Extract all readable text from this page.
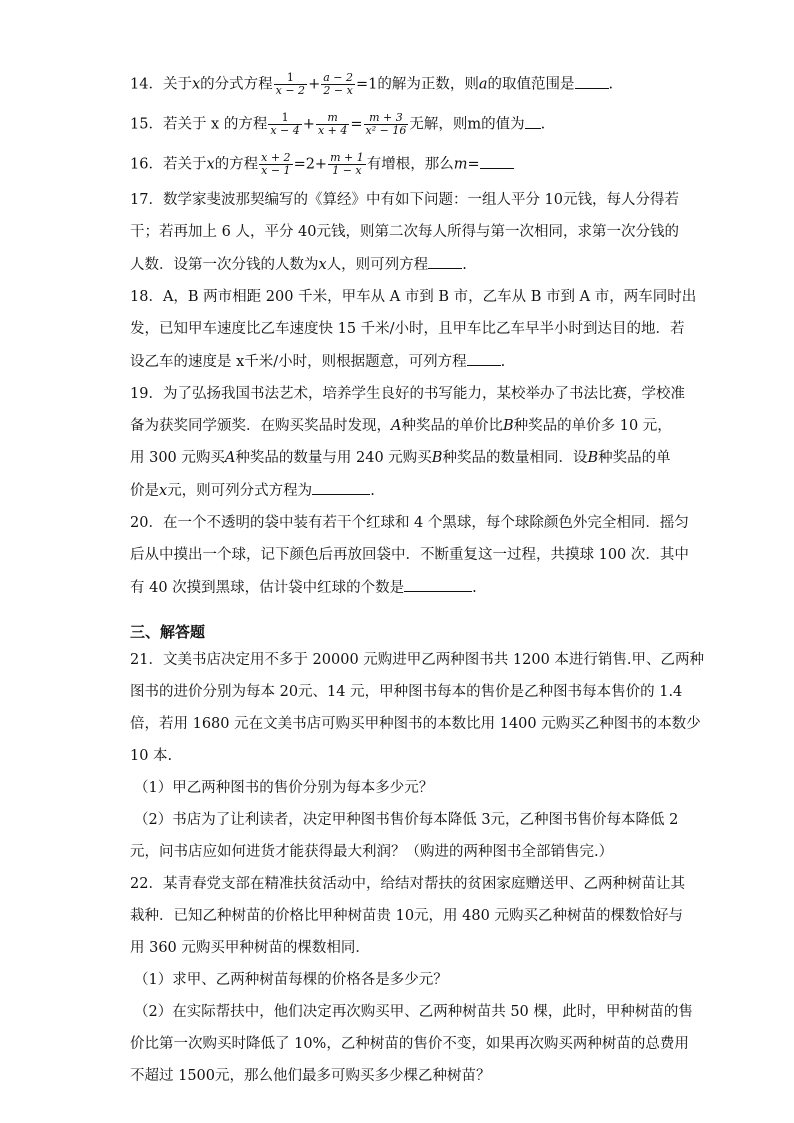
14．关于x的分式方程 $\frac{1}{x - 2} + \frac{a - 2}{2 - x} =1$的解为正数，则a的取值范围是 .
15．若关于 x 的方程 $\frac{1}{x - 4} + \frac{m}{x + 4} = \frac{m + 3}{\text{x² − 16}}$ 无解，则m的值为 .
16．若关于x的方程 $\frac{x + 2}{x - 1} =2+ \frac{m + 1}{1 - x}$ 有增根，那么m=
17．数学家斐波那契编写的《算经》中有如下问题：一组人平分 10元钱，每人分得若
干；若再加上 6 人，平分 40元钱，则第二次每人所得与第一次相同，求第一次分钱的
人数．设第一次分钱的人数为x人，则可列方程 .
18．A，B 两市相距 200 千米，甲车从 A 市到 B 市，乙车从 B 市到 A 市，两车同时出
发，已知甲车速度比乙车速度快 15 千米/小时，且甲车比乙车早半小时到达目的地．若
设乙车的速度是 x千米/小时，则根据题意，可列方程 .
19．为了弘扬我国书法艺术，培养学生良好的书写能力，某校举办了书法比赛，学校准
备为获奖同学颁奖．在购买奖品时发现，A种奖品的单价比B种奖品的单价多 10 元，
用 300 元购买A种奖品的数量与用 240 元购买B种奖品的数量相同．设B种奖品的单
价是x元，则可列分式方程为	.
20．在一个不透明的袋中装有若干个红球和 4 个黑球，每个球除颜色外完全相同．摇匀
后从中摸出一个球，记下颜色后再放回袋中．不断重复这一过程，共摸球 100 次．其中
有 40 次摸到黑球，估计袋中红球的个数是	.
三、解答题
21．文美书店决定用不多于 20000 元购进甲乙两种图书共 1200 本进行销售.甲、乙两种
图书的进价分别为每本 20元、14 元，甲种图书每本的售价是乙种图书每本售价的 1.4
倍，若用 1680 元在文美书店可购买甲种图书的本数比用 1400 元购买乙种图书的本数少
10 本.
（1）甲乙两种图书的售价分别为每本多少元？
（2）书店为了让利读者，决定甲种图书售价每本降低 3元，乙种图书售价每本降低 2
元，问书店应如何进货才能获得最大利润？（购进的两种图书全部销售完.）
22．某青春党支部在精准扶贫活动中，给结对帮扶的贫困家庭赠送甲、乙两种树苗让其
栽种．已知乙种树苗的价格比甲种树苗贵 10元，用 480 元购买乙种树苗的棵数恰好与
用 360 元购买甲种树苗的棵数相同．
（1）求甲、乙两种树苗每棵的价格各是多少元？
（2）在实际帮扶中，他们决定再次购买甲、乙两种树苗共 50 棵，此时，甲种树苗的售
价比第一次购买时降低了 10%，乙种树苗的售价不变，如果再次购买两种树苗的总费用
不超过 1500元，那么他们最多可购买多少棵乙种树苗？
